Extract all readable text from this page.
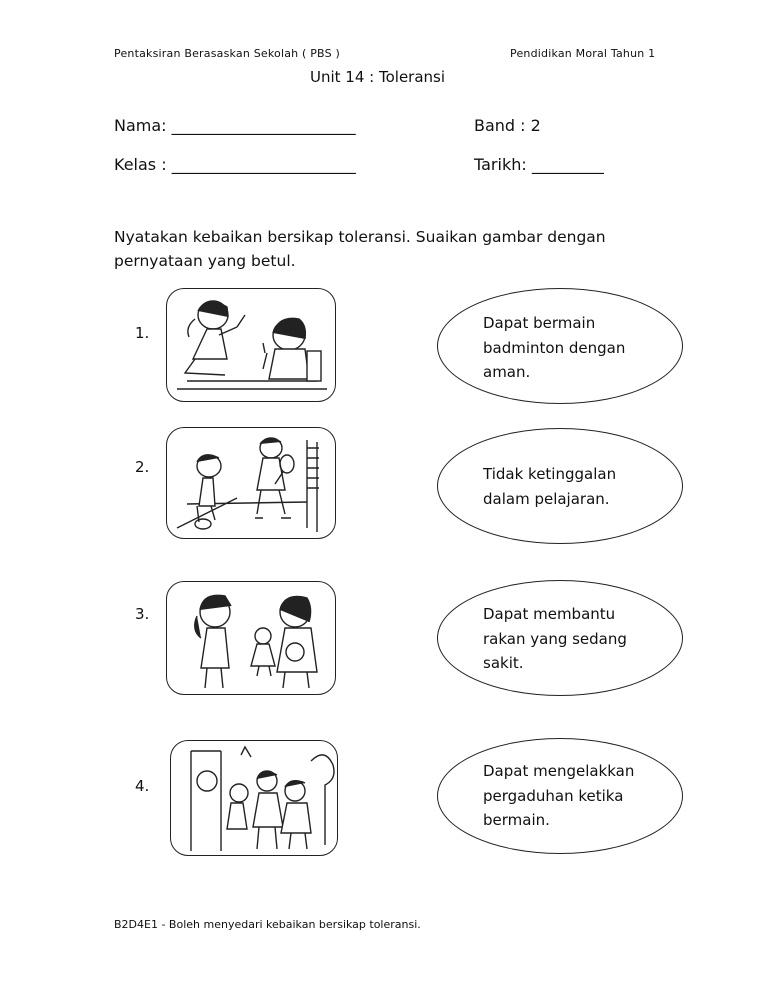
Pentaksiran Berasaskan Sekolah ( PBS )	Pendidikan Moral Tahun 1
Unit 14 : Toleransi
Nama: _______________________	Band : 2
Kelas : _______________________	Tarikh: _________
Nyatakan kebaikan bersikap toleransi. Suaikan gambar dengan pernyataan yang betul.
1.
Dapat bermain
badminton dengan
aman.
2.	Tidak ketinggalan
dalam pelajaran.
3.	Dapat membantu
rakan yang sedang
sakit.
4.
Dapat mengelakkan
pergaduhan ketika
bermain.
B2D4E1 - Boleh menyedari kebaikan bersikap toleransi.
